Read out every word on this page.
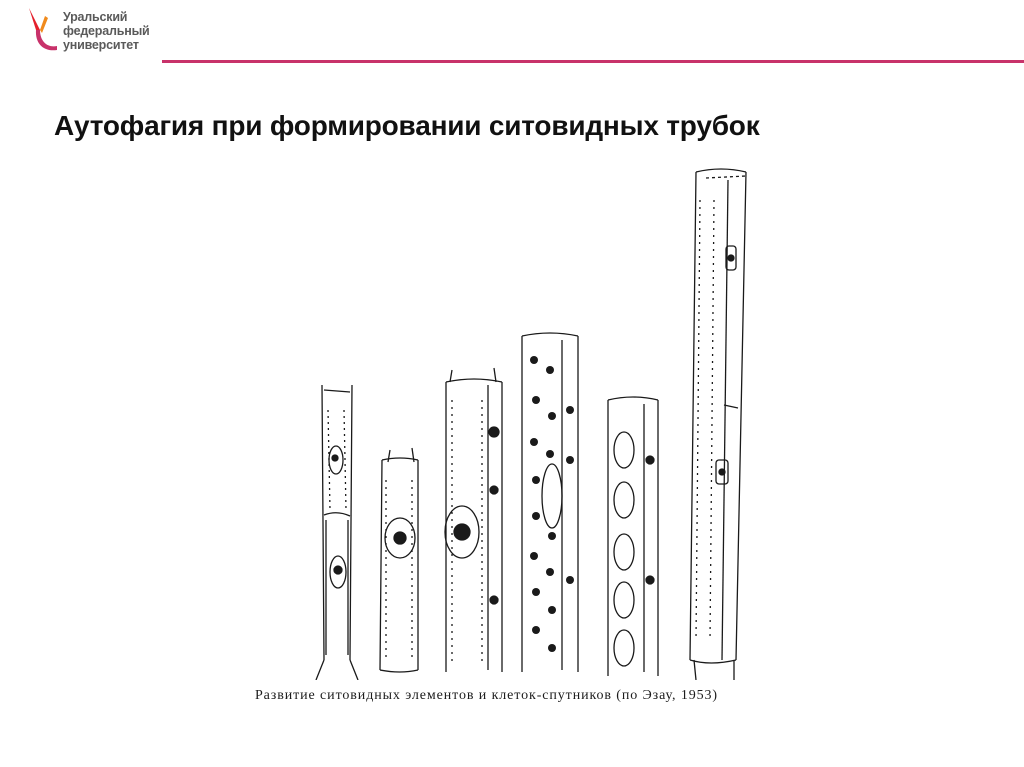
Уральский
федеральный
университет
Аутофагия при формировании ситовидных трубок
Развитие ситовидных элементов и клеток-спутников (по Эзау, 1953)
